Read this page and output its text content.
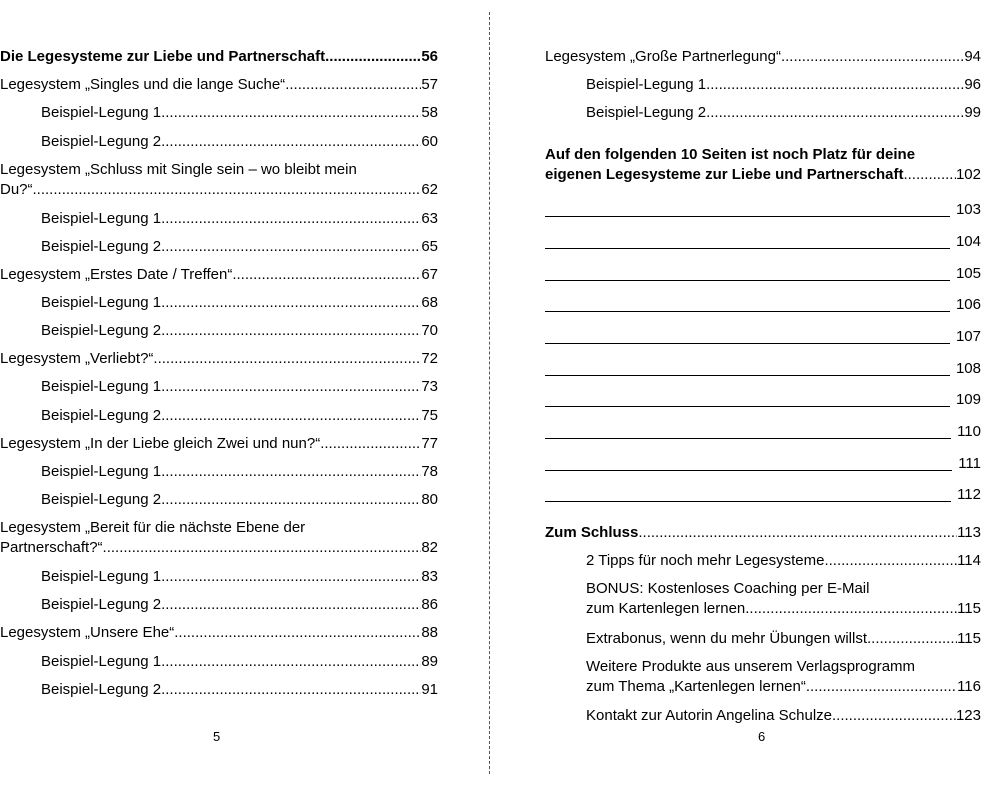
Die Legesysteme zur Liebe und Partnerschaft .....	56
Legesystem „Singles und die lange Suche“ .....	57
Beispiel-Legung 1 .....	58
Beispiel-Legung 2 .....	60
Legesystem „Schluss mit Single sein – wo bleibt mein
Du?“ .....	62
Beispiel-Legung 1 .....	63
Beispiel-Legung 2 .....	65
Legesystem „Erstes Date / Treffen“ .....	67
Beispiel-Legung 1 .....	68
Beispiel-Legung 2 .....	70
Legesystem „Verliebt?“ .....	72
Beispiel-Legung 1 .....	73
Beispiel-Legung 2 .....	75
Legesystem „In der Liebe gleich Zwei und nun?“ .....	77
Beispiel-Legung 1 .....	78
Beispiel-Legung 2 .....	80
Legesystem „Bereit für die nächste Ebene der
Partnerschaft?“ .....	82
Beispiel-Legung 1 .....	83
Beispiel-Legung 2 .....	86
Legesystem „Unsere Ehe“ .....	88
Beispiel-Legung 1 .....	89
Beispiel-Legung 2 .....	91
5
Legesystem „Große Partnerlegung“ .....	94
Beispiel-Legung 1 .....	96
Beispiel-Legung 2 .....	99
Auf den folgenden 10 Seiten ist noch Platz für deine
eigenen Legesysteme zur Liebe und Partnerschaft .....	102
103
104
105
106
107
108
109
110
111
112
Zum Schluss .....	113
2 Tipps für noch mehr Legesysteme .....	114
BONUS: Kostenloses Coaching per E-Mail
zum Kartenlegen lernen .....	115
Extrabonus, wenn du mehr Übungen willst .....	115
Weitere Produkte aus unserem Verlagsprogramm
zum Thema „Kartenlegen lernen“ .....	116
Kontakt zur Autorin Angelina Schulze .....	123
6
